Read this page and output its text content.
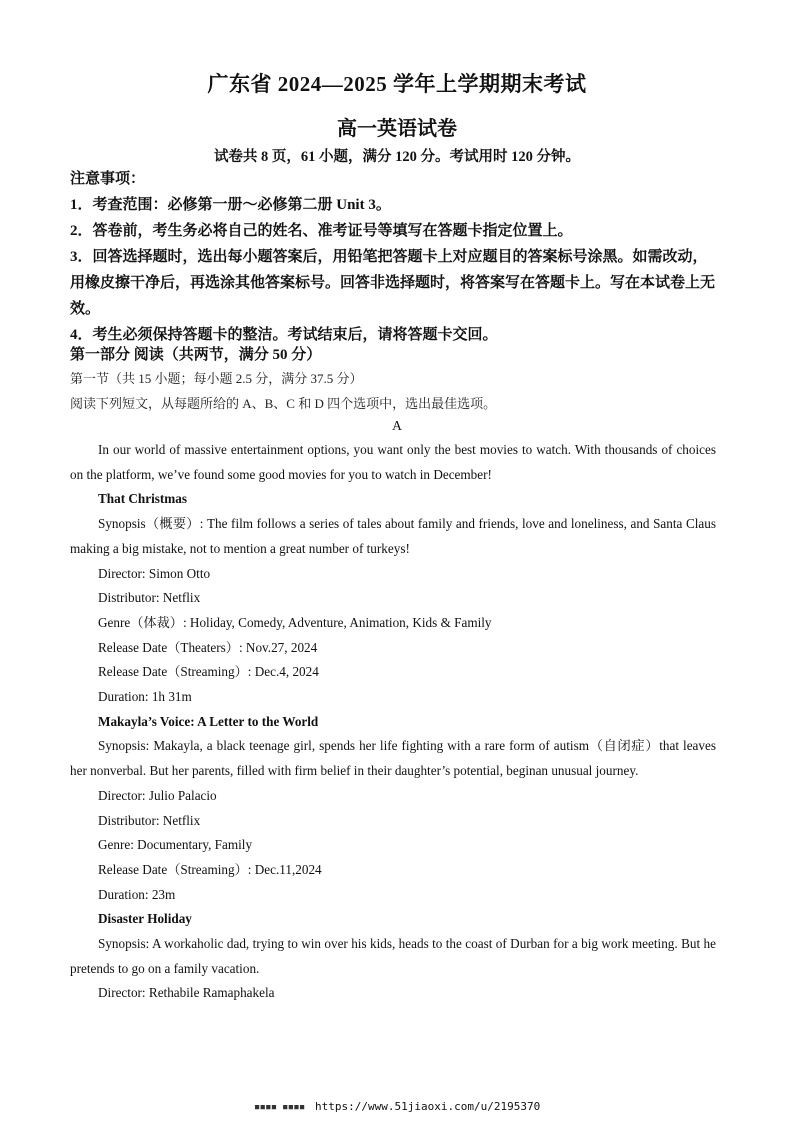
广东省 2024—2025 学年上学期期末考试
高一英语试卷
试卷共 8 页，61 小题，满分 120 分。考试用时 120 分钟。

注意事项：

1．考查范围：必修第一册～必修第二册 Unit 3。

2．答卷前，考生务必将自己的姓名、准考证号等填写在答题卡指定位置上。

3．回答选择题时，选出每小题答案后，用铅笔把答题卡上对应题目的答案标号涂黑。如需改动，用橡皮擦干净后，再选涂其他答案标号。回答非选择题时，将答案写在答题卡上。写在本试卷上无效。

4．考生必须保持答题卡的整洁。考试结束后，请将答题卡交回。

第一部分 阅读（共两节，满分 50 分）
第一节（共 15 小题；每小题 2.5 分，满分 37.5 分）
阅读下列短文，从每题所给的 A、B、C 和 D 四个选项中，选出最佳选项。
A

In our world of massive entertainment options, you want only the best movies to watch. With thousands of choices on the platform, we’ve found some good movies for you to watch in December!

That Christmas

Synopsis（概要）: The film follows a series of tales about family and friends, love and loneliness, and Santa Claus making a big mistake, not to mention a great number of turkeys!

Director: Simon Otto

Distributor: Netflix

Genre（体裁）: Holiday, Comedy, Adventure, Animation, Kids & Family

Release Date（Theaters）: Nov.27, 2024

Release Date（Streaming）: Dec.4, 2024

Duration: 1h 31m

Makayla’s Voice: A Letter to the World

Synopsis: Makayla, a black teenage girl, spends her life fighting with a rare form of autism（自闭症）that leaves her nonverbal. But her parents, filled with firm belief in their daughter’s potential, beginan unusual journey.

Director: Julio Palacio

Distributor: Netflix

Genre: Documentary, Family

Release Date（Streaming）: Dec.11,2024

Duration: 23m

Disaster Holiday

Synopsis: A workaholic dad, trying to win over his kids, heads to the coast of Durban for a big work meeting. But he pretends to go on a family vacation.

Director: Rethabile Ramaphakela

▪▪▪▪ ▪▪▪▪ https://www.51jiaoxi.com/u/2195370
